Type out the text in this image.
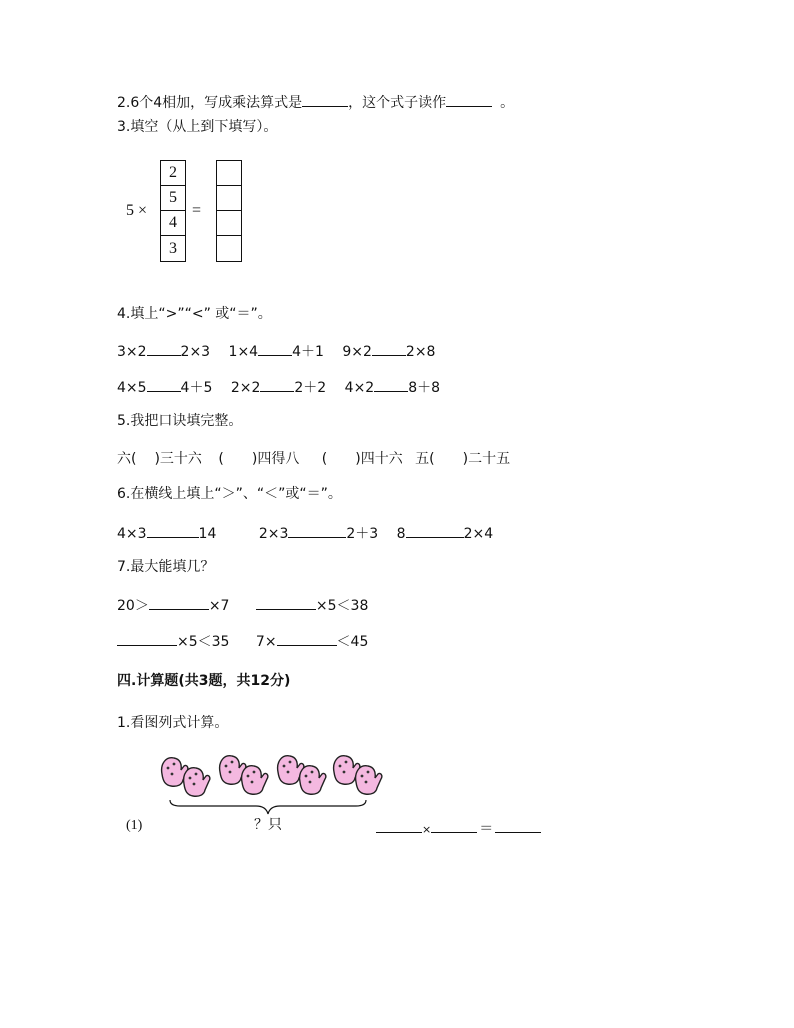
2.6个4相加，写成乘法算式是	，这个式子读作	。
3.填空（从上到下填写）。
5 ×
2
5
4
3
=
4.填上“>”“<” 或“＝”。
3×2 2×3 1×4 4＋1 9×2 2×8
4×5 4＋5 2×2 2＋2 4×2 8＋8
5.我把口诀填完整。
六( )三十六 ( )四得八 ( )四十六 五( )二十五
6.在横线上填上“＞”、“＜”或“＝”。
4×3	14	2×3	2＋3 8	2×4
7.最大能填几？
20＞	×7	×5＜38
×5＜35 7×	＜45
四.计算题(共3题，共12分)
1.看图列式计算。
？只
(1)	×	＝
